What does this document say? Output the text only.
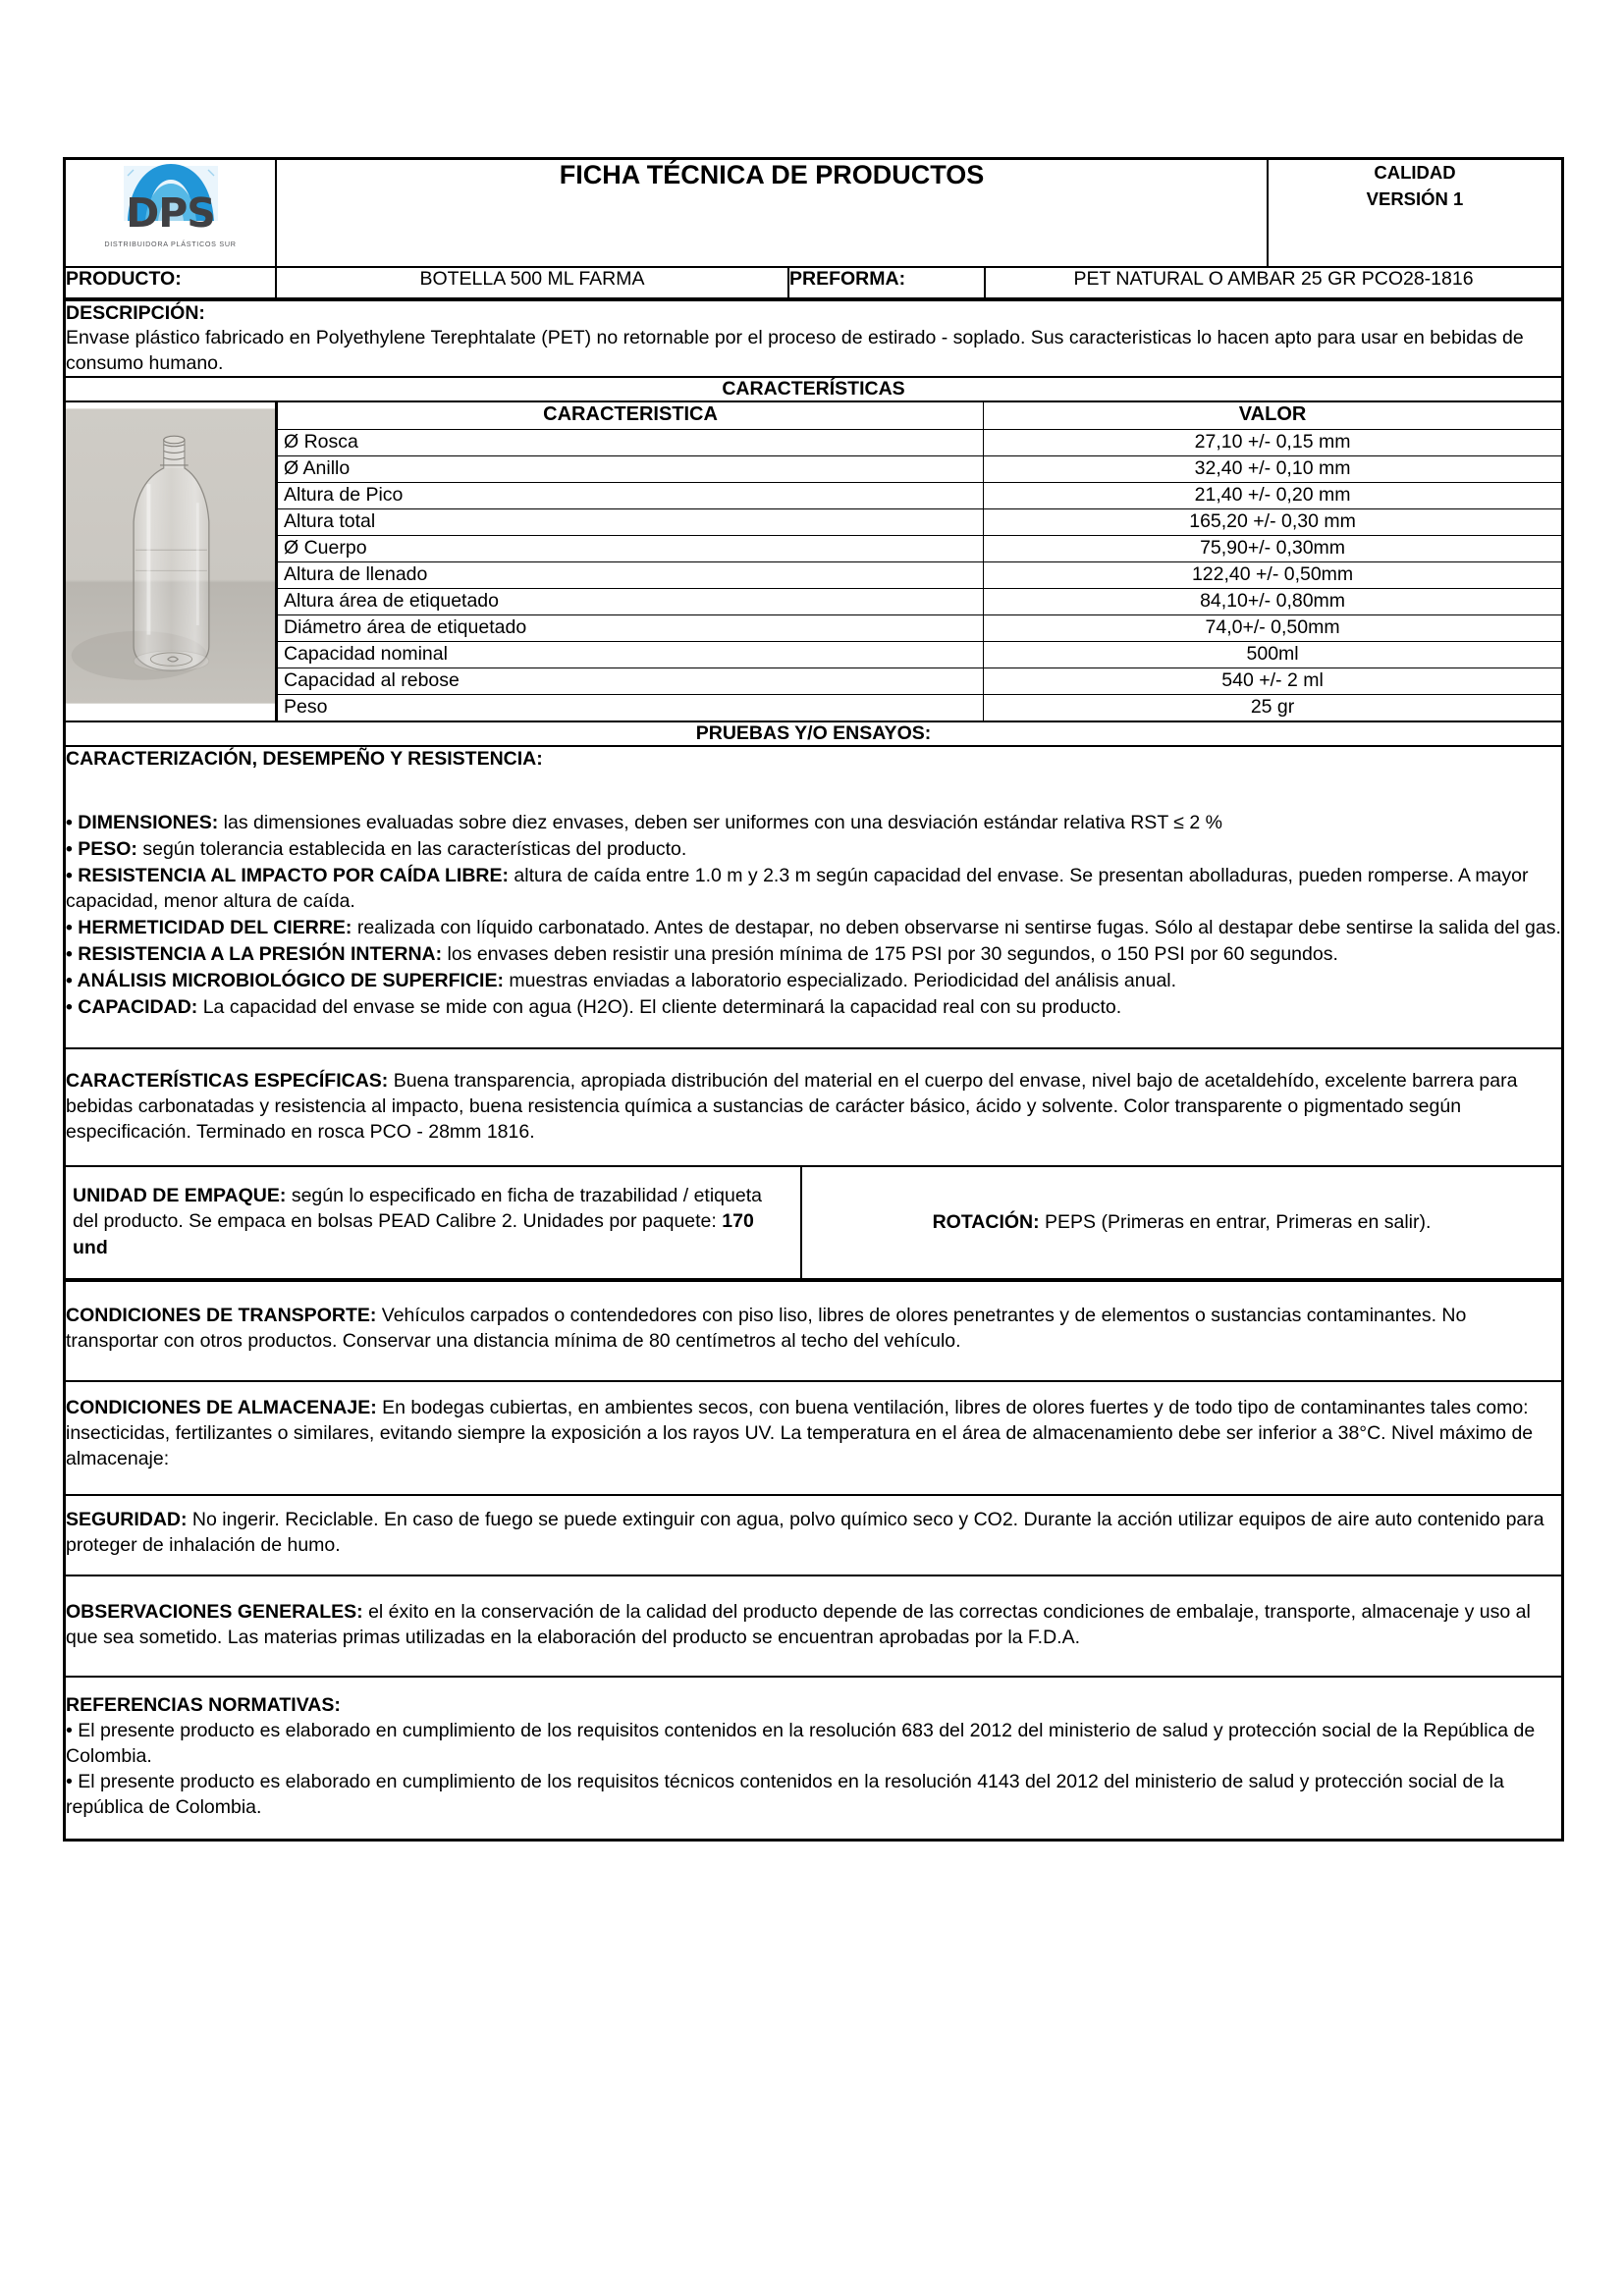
DPS
DISTRIBUIDORA PLÁSTICOS SUR

FICHA TÉCNICA DE PRODUCTOS	CALIDAD
VERSIÓN 1

PRODUCTO:	BOTELLA 500 ML FARMA	PREFORMA:	PET NATURAL O AMBAR 25 GR PCO28-1816

DESCRIPCIÓN:
Envase plástico fabricado en Polyethylene Terephtalate (PET) no retornable por el proceso de estirado - soplado. Sus caracteristicas lo hacen apto para usar en bebidas de consumo humano.

CARACTERÍSTICAS

CARACTERISTICA	VALOR
Ø Rosca	27,10 +/- 0,15 mm
Ø Anillo	32,40 +/- 0,10 mm
Altura de Pico	21,40 +/- 0,20 mm
Altura total	165,20 +/- 0,30 mm
Ø Cuerpo	75,90+/- 0,30mm
Altura de llenado	122,40 +/- 0,50mm
Altura área de etiquetado	84,10+/- 0,80mm
Diámetro área de etiquetado	74,0+/- 0,50mm
Capacidad nominal	500ml
Capacidad al rebose	540 +/- 2 ml
Peso	25 gr

PRUEBAS Y/O ENSAYOS:

CARACTERIZACIÓN, DESEMPEÑO Y RESISTENCIA:

• DIMENSIONES: las dimensiones evaluadas sobre diez envases, deben ser uniformes con una desviación estándar relativa RST ≤ 2 %

• PESO: según tolerancia establecida en las características del producto.

• RESISTENCIA AL IMPACTO POR CAÍDA LIBRE: altura de caída entre 1.0 m y 2.3 m según capacidad del envase. Se presentan abolladuras, pueden romperse. A mayor capacidad, menor altura de caída.

• HERMETICIDAD DEL CIERRE: realizada con líquido carbonatado. Antes de destapar, no deben observarse ni sentirse fugas. Sólo al destapar debe sentirse la salida del gas.

• RESISTENCIA A LA PRESIÓN INTERNA: los envases deben resistir una presión mínima de 175 PSI por 30 segundos, o 150 PSI por 60 segundos.

• ANÁLISIS MICROBIOLÓGICO DE SUPERFICIE: muestras enviadas a laboratorio especializado. Periodicidad del análisis anual.

• CAPACIDAD: La capacidad del envase se mide con agua (H2O). El cliente determinará la capacidad real con su producto.

CARACTERÍSTICAS ESPECÍFICAS: Buena transparencia, apropiada distribución del material en el cuerpo del envase, nivel bajo de acetaldehído, excelente barrera para bebidas carbonatadas y resistencia al impacto, buena resistencia química a sustancias de carácter básico, ácido y solvente. Color transparente o pigmentado según especificación. Terminado en rosca PCO - 28mm 1816.

UNIDAD DE EMPAQUE: según lo especificado en ficha de trazabilidad / etiqueta del producto. Se empaca en bolsas PEAD Calibre 2. Unidades por paquete: 170 und	ROTACIÓN: PEPS (Primeras en entrar, Primeras en salir).

CONDICIONES DE TRANSPORTE: Vehículos carpados o contendedores con piso liso, libres de olores penetrantes y de elementos o sustancias contaminantes. No transportar con otros productos. Conservar una distancia mínima de 80 centímetros al techo del vehículo.

CONDICIONES DE ALMACENAJE: En bodegas cubiertas, en ambientes secos, con buena ventilación, libres de olores fuertes y de todo tipo de contaminantes tales como: insecticidas, fertilizantes o similares, evitando siempre la exposición a los rayos UV. La temperatura en el área de almacenamiento debe ser inferior a 38°C. Nivel máximo de almacenaje:

SEGURIDAD: No ingerir. Reciclable. En caso de fuego se puede extinguir con agua, polvo químico seco y CO2. Durante la acción utilizar equipos de aire auto contenido para proteger de inhalación de humo.

OBSERVACIONES GENERALES: el éxito en la conservación de la calidad del producto depende de las correctas condiciones de embalaje, transporte, almacenaje y uso al que sea sometido. Las materias primas utilizadas en la elaboración del producto se encuentran aprobadas por la F.D.A.

REFERENCIAS NORMATIVAS:

• El presente producto es elaborado en cumplimiento de los requisitos contenidos en la resolución 683 del 2012 del ministerio de salud y protección social de la República de Colombia.

• El presente producto es elaborado en cumplimiento de los requisitos técnicos contenidos en la resolución 4143 del 2012 del ministerio de salud y protección social de la república de Colombia.
